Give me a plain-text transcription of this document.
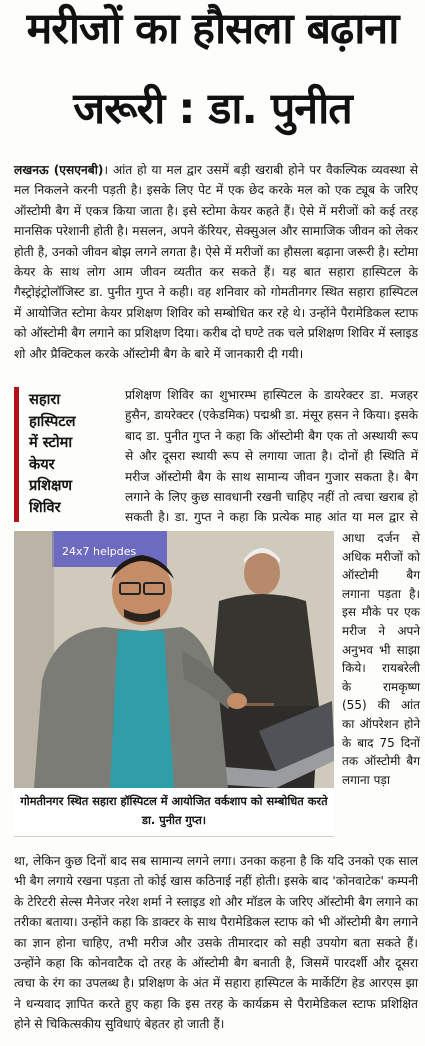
मरीजों का हौसला बढ़ाना
जरूरी : डा. पुनीत

लखनऊ (एसएनबी)। आंत हो या मल द्वार उसमें बड़ी खराबी होने पर वैकल्पिक व्यवस्था से मल निकलने करनी पड़ती है। इसके लिए पेट में एक छेद करके मल को एक ट्यूब के जरिए ऑस्टोमी बैग में एकत्र किया जाता है। इसे स्टोमा केयर कहते हैं। ऐसे में मरीजों को कई तरह मानसिक परेशानी होती है। मसलन, अपने कॅरियर, सेक्सुअल और सामाजिक जीवन को लेकर होती है, उनको जीवन बोझ लगने लगता है। ऐसे में मरीजों का हौसला बढ़ाना जरूरी है। स्टोमा केयर के साथ लोग आम जीवन व्यतीत कर सकते हैं। यह बात सहारा हास्पिटल के गैस्ट्रोइंट्रोलॉजिस्ट डा. पुनीत गुप्त ने कही। वह शनिवार को गोमतीनगर स्थित सहारा हास्पिटल में आयोजित स्टोमा केयर प्रशिक्षण शिविर को सम्बोधित कर रहे थे। उन्होंने पैरामेडिकल स्टाफ को ऑस्टोमी बैग लगाने का प्रशिक्षण दिया। करीब दो घण्टे तक चले प्रशिक्षण शिविर में स्लाइड शो और प्रैक्टिकल करके ऑस्टोमी बैग के बारे में जानकारी दी गयी।

सहारा

हास्पिटल

में स्टोमा

केयर

प्रशिक्षण

शिविर

प्रशिक्षण शिविर का शुभारम्भ हास्पिटल के डायरेक्टर डा. मजहर हुसैन, डायरेक्टर (एकेडमिक) पद्मश्री डा. मंसूर हसन ने किया। इसके बाद डा. पुनीत गुप्त ने कहा कि ऑस्टोमी बैग एक तो अस्थायी रूप से और दूसरा स्थायी रूप से लगाया जाता है। दोनों ही स्थिति में मरीज ऑस्टोमी बैग के साथ सामान्य जीवन गुजार सकता है। बैग लगाने के लिए कुछ सावधानी रखनी चाहिए नहीं तो त्वचा खराब हो सकती है। डा. गुप्त ने कहा कि प्रत्येक माह आंत या मल द्वार से

24x7 helpdes
गोमतीनगर स्थित सहारा हॉस्पिटल में आयोजित वर्कशाप को सम्बोधित करते डा. पुनीत गुप्त।

आधा दर्जन से अधिक मरीजों को ऑस्टोमी बैग लगाना पड़ता है। इस मौके पर एक मरीज ने अपने अनुभव भी साझा किये। रायबरेली के रामकृष्ण (55) की आंत का ऑपरेशन होने के बाद 75 दिनों तक ऑस्टोमी बैग लगाना पड़ा

था, लेकिन कुछ दिनों बाद सब सामान्य लगने लगा। उनका कहना है कि यदि उनको एक साल भी बैग लगाये रखना पड़ता तो कोई खास कठिनाई नहीं होती। इसके बाद 'कोनवाटेक' कम्पनी के टेरिटरी सेल्स मैनेजर नरेश शर्मा ने स्लाइड शो और मॉडल के जरिए ऑस्टोमी बैग लगाने का तरीका बताया। उन्होंने कहा कि डाक्टर के साथ पैरामेडिकल स्टाफ को भी ऑस्टोमी बैग लगाने का ज्ञान होना चाहिए, तभी मरीज और उसके तीमारदार को सही उपयोग बता सकते हैं। उन्होंने कहा कि कोनवाटैक दो तरह के ऑस्टोमी बैग बनाती है, जिसमें पारदर्शी और दूसरा त्वचा के रंग का उपलब्ध है। प्रशिक्षण के अंत में सहारा हास्पिटल के मार्केटिंग हेड आरएस झा ने धन्यवाद ज्ञापित करते हुए कहा कि इस तरह के कार्यक्रम से पैरामेडिकल स्टाफ प्रशिक्षित होने से चिकित्सकीय सुविधाएं बेहतर हो जाती हैं।
